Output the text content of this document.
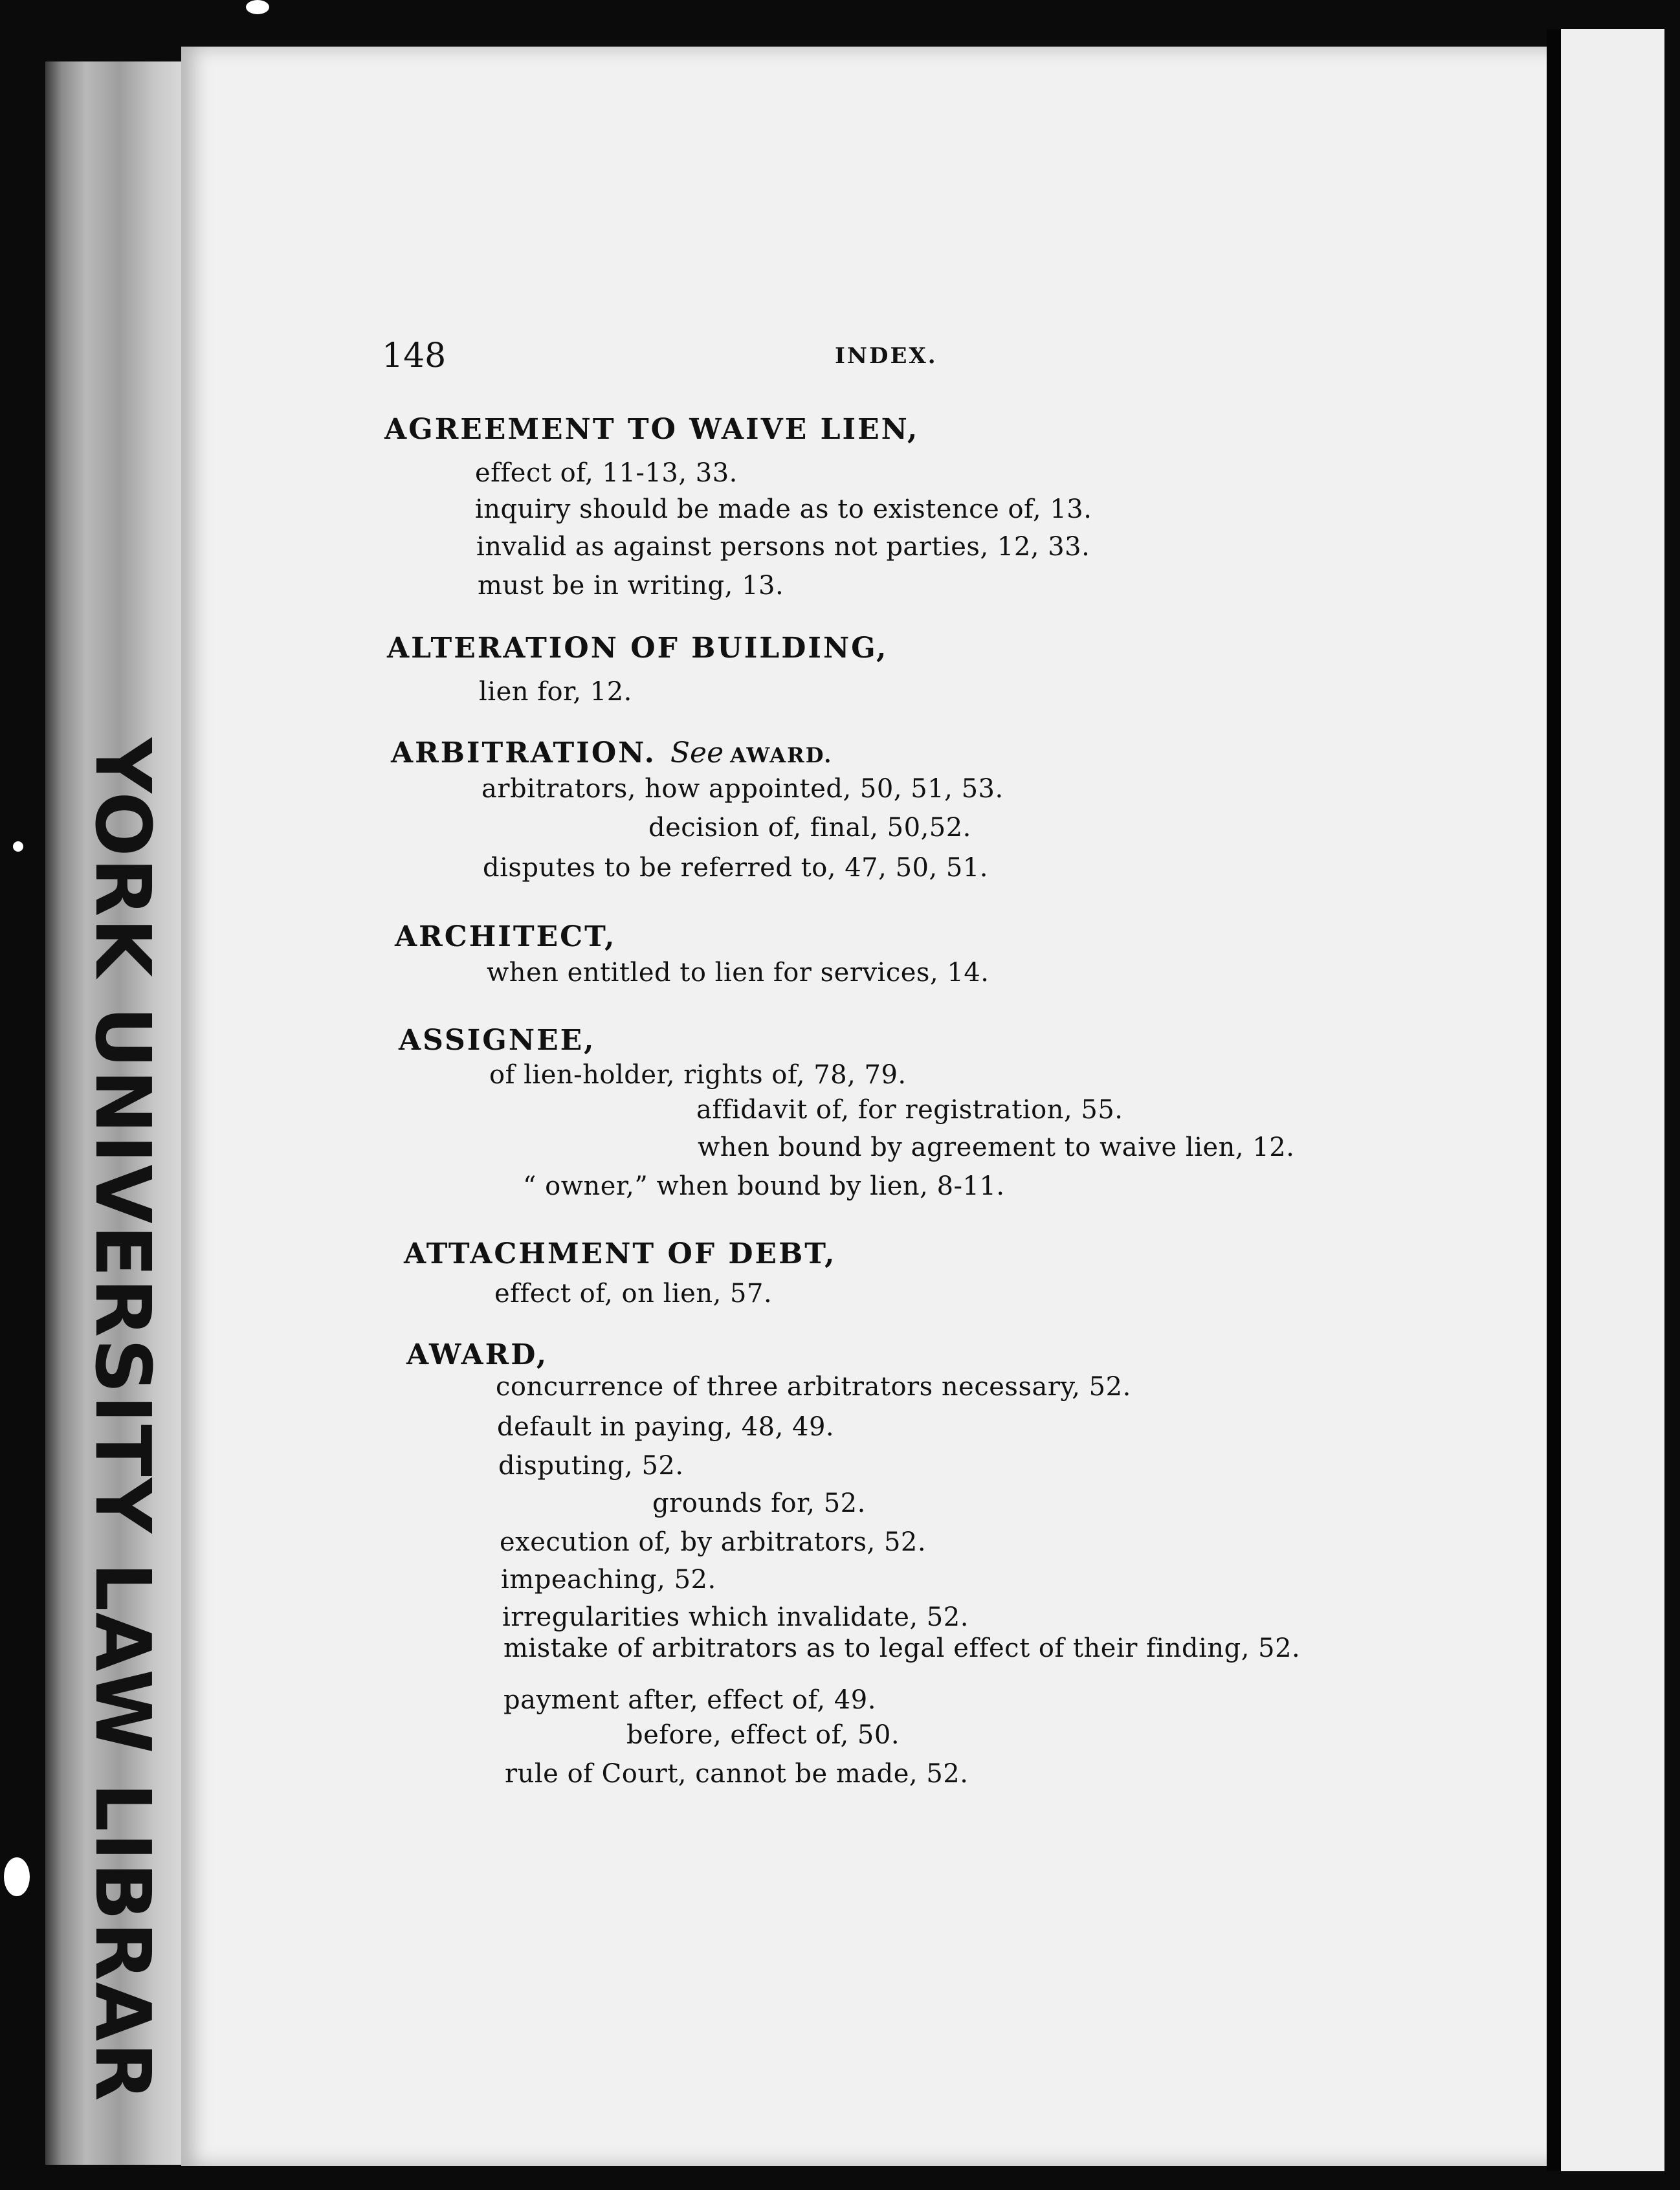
YORK UNIVERSITY LAW LIBRAR
148	INDEX.
AGREEMENT TO WAIVE LIEN,
effect of, 11-13, 33.
inquiry should be made as to existence of, 13.
invalid as against persons not parties, 12, 33.
must be in writing, 13.
ALTERATION OF BUILDING,
lien for, 12.
ARBITRATION. See AWARD.
arbitrators, how appointed, 50, 51, 53.
decision of, final, 50,52.
disputes to be referred to, 47, 50, 51.
ARCHITECT,
when entitled to lien for services, 14.
ASSIGNEE,
of lien-holder, rights of, 78, 79.
affidavit of, for registration, 55.
when bound by agreement to waive lien, 12.
“ owner,” when bound by lien, 8-11.
ATTACHMENT OF DEBT,
effect of, on lien, 57.
AWARD,
concurrence of three arbitrators necessary, 52.
default in paying, 48, 49.
disputing, 52.
grounds for, 52.
execution of, by arbitrators, 52.
impeaching, 52.
irregularities which invalidate, 52.
mistake of arbitrators as to legal effect of their finding, 52.
payment after, effect of, 49.
before, effect of, 50.
rule of Court, cannot be made, 52.
